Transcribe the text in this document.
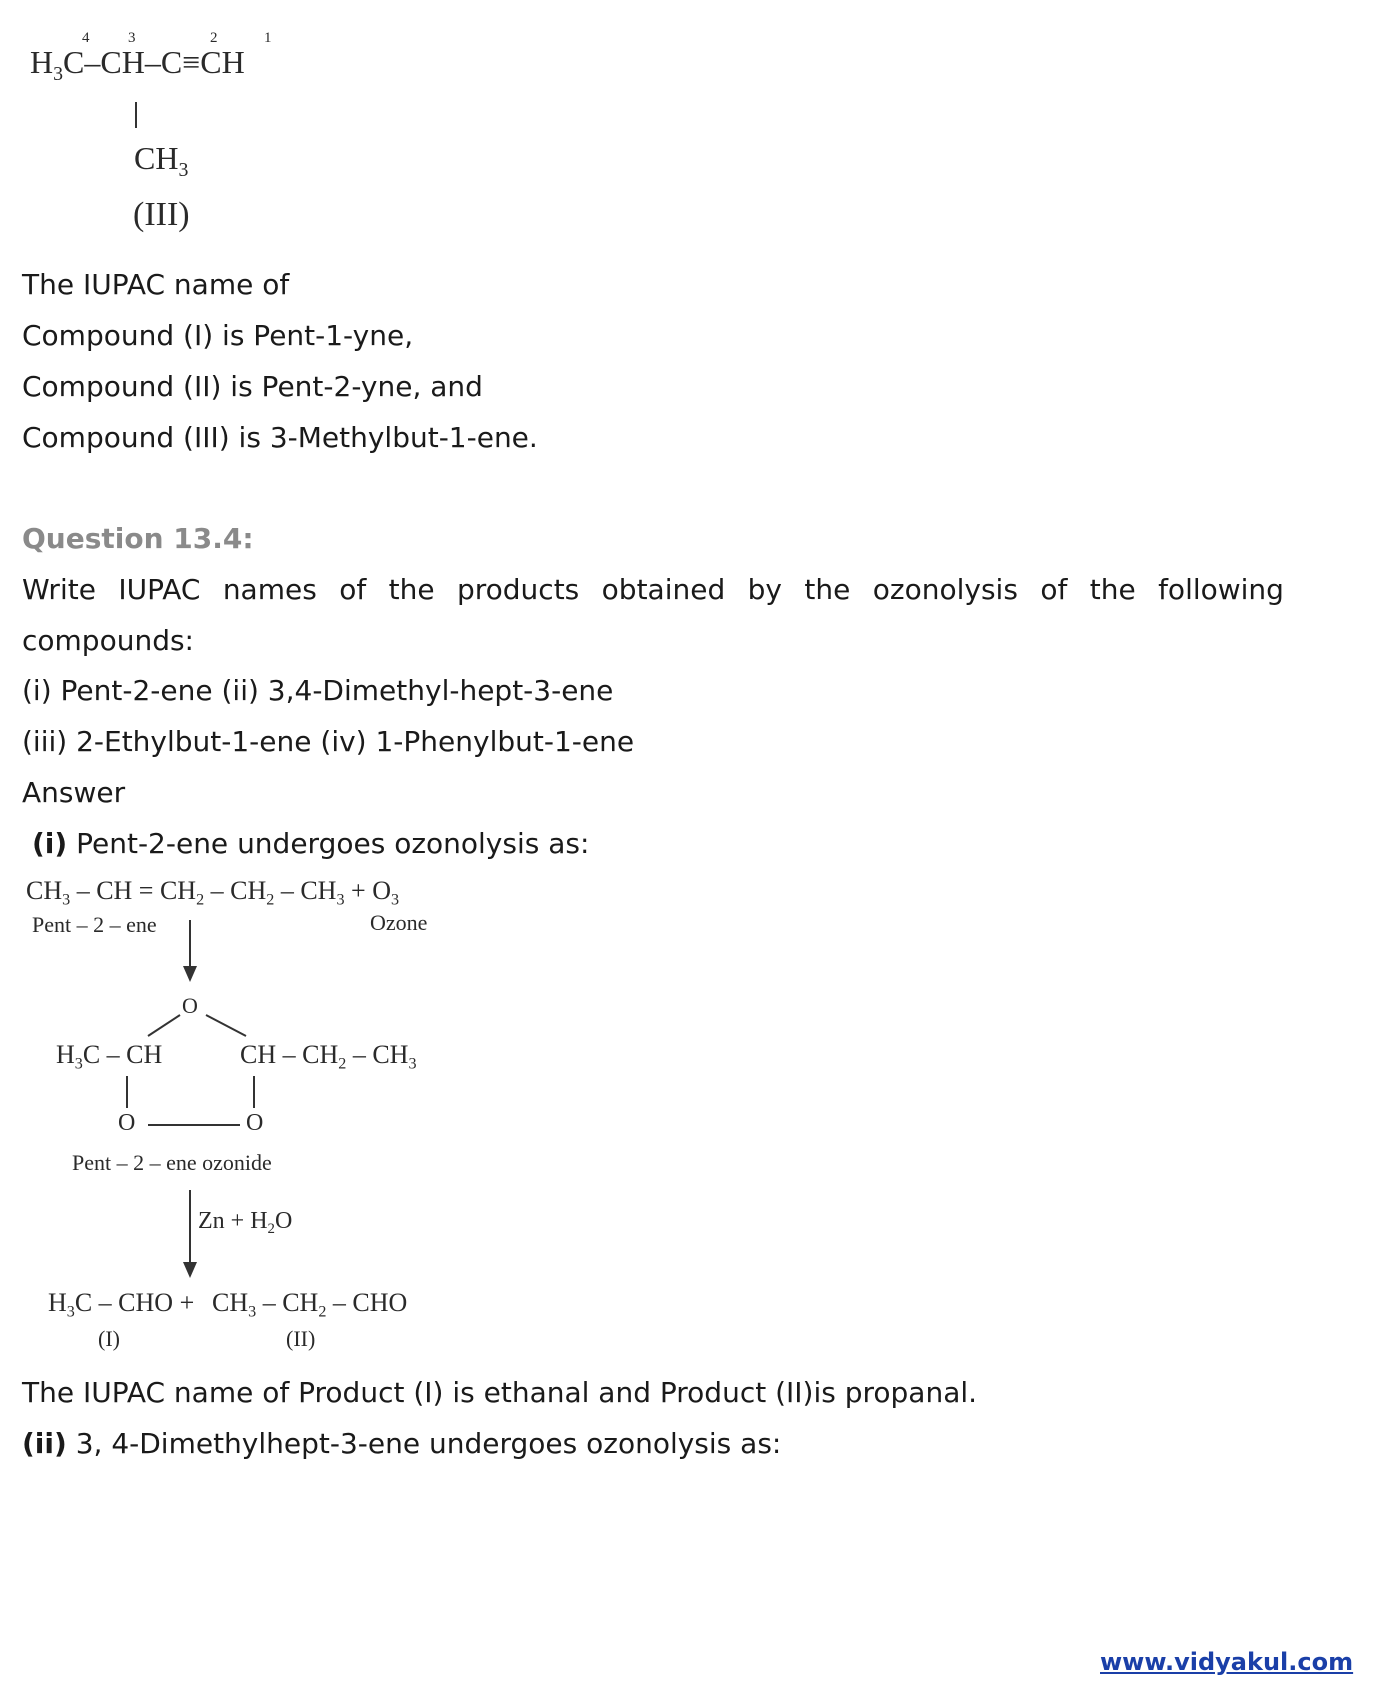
4	3	2	1
$H_3C-CH-C\equiv CH$
$CH_3$
(III)
The IUPAC name of
Compound (I) is Pent-1-yne,
Compound (II) is Pent-2-yne, and
Compound (III) is 3-Methylbut-1-ene.
Question 13.4:
Write IUPAC names of the products obtained by the ozonolysis of the following
compounds:
(i) Pent-2-ene (ii) 3,4-Dimethyl-hept-3-ene
(iii) 2-Ethylbut-1-ene (iv) 1-Phenylbut-1-ene
Answer
(i) Pent-2-ene undergoes ozonolysis as:
$CH_3$ – CH = $CH_2 - CH_2 - CH_3 + O_3$
Pent – 2 – ene	Ozone
O
$H_3C$ – CH	CH – $CH_2 - CH_3$
O	O
Pent – 2 – ene ozonide
$Zn + H_2O$
$H_3C$ – CHO + $CH_3 - CH_2$ – CHO
(I)	(II)
The IUPAC name of Product (I) is ethanal and Product (II)is propanal.
(ii) 3, 4-Dimethylhept-3-ene undergoes ozonolysis as:
www.vidyakul.com
